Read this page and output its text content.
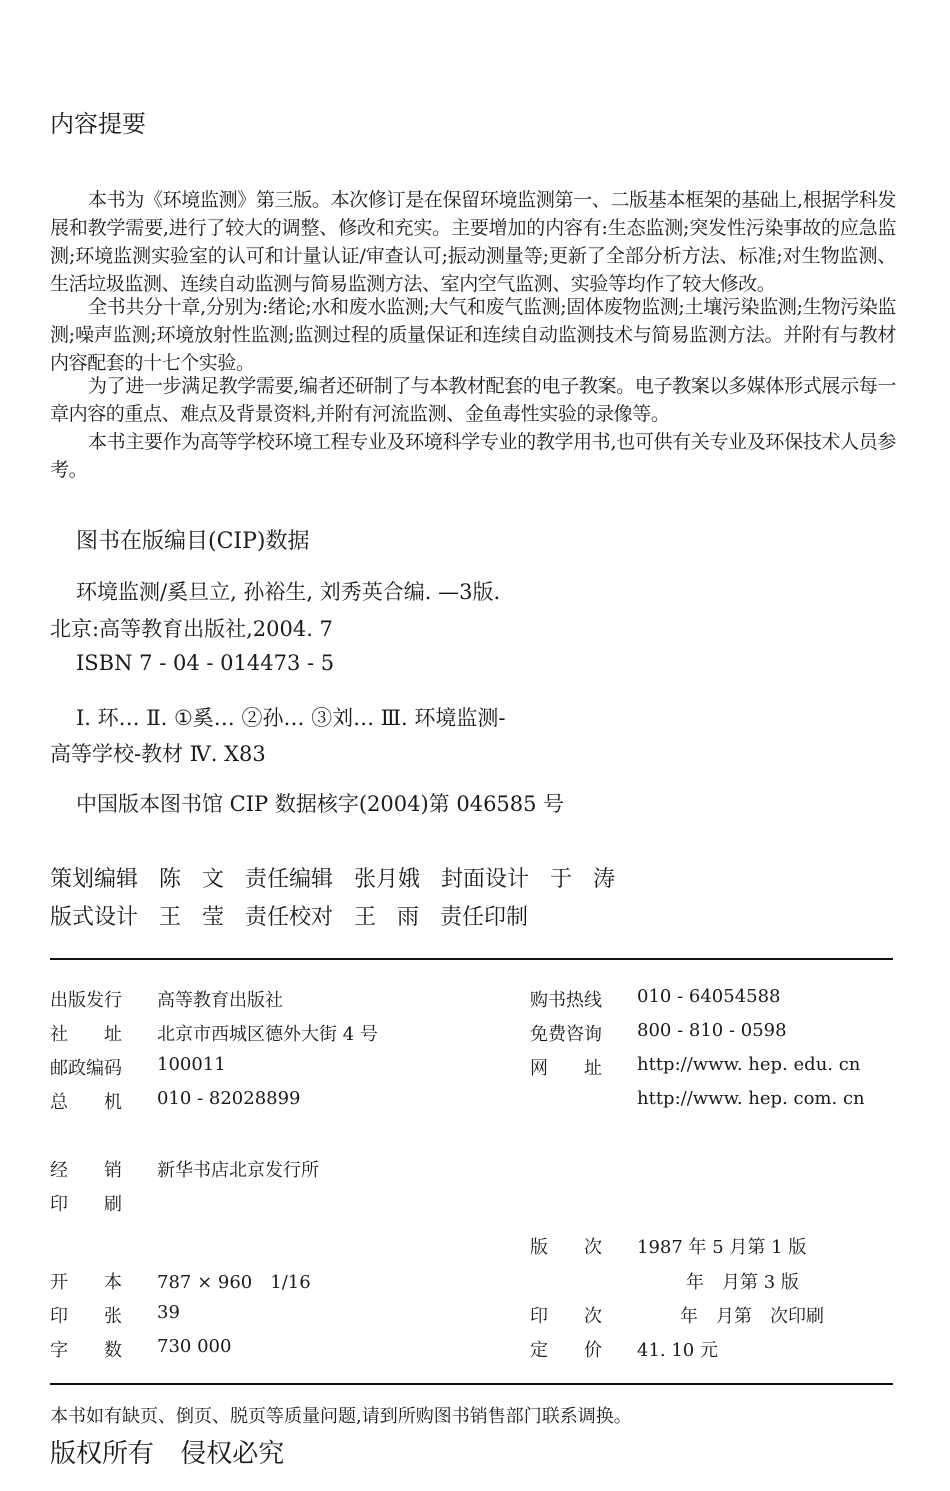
内容提要
本书为《环境监测》第三版。本次修订是在保留环境监测第一、二版基本框架的基础上,根据学科发展和教学需要,进行了较大的调整、修改和充实。主要增加的内容有:生态监测;突发性污染事故的应急监测;环境监测实验室的认可和计量认证/审查认可;振动测量等;更新了全部分析方法、标准;对生物监测、生活垃圾监测、连续自动监测与简易监测方法、室内空气监测、实验等均作了较大修改。
全书共分十章,分别为:绪论;水和废水监测;大气和废气监测;固体废物监测;土壤污染监测;生物污染监测;噪声监测;环境放射性监测;监测过程的质量保证和连续自动监测技术与简易监测方法。并附有与教材内容配套的十七个实验。
为了进一步满足教学需要,编者还研制了与本教材配套的电子教案。电子教案以多媒体形式展示每一章内容的重点、难点及背景资料,并附有河流监测、金鱼毒性实验的录像等。
本书主要作为高等学校环境工程专业及环境科学专业的教学用书,也可供有关专业及环保技术人员参考。
图书在版编目(CIP)数据
环境监测/奚旦立, 孙裕生, 刘秀英合编. —3版.
北京:高等教育出版社,2004. 7
ISBN 7 - 04 - 014473 - 5
Ⅰ. 环… Ⅱ. ①奚… ②孙… ③刘… Ⅲ. 环境监测-
高等学校-教材 Ⅳ. X83
中国版本图书馆 CIP 数据核字(2004)第 046585 号
策划编辑 陈 文 责任编辑 张月娥 封面设计 于 涛
版式设计 王 莹 责任校对 王 雨 责任印制
出版发行 高等教育出版社
社　　址 北京市西城区德外大街 4 号
邮政编码 100011
总　　机 010 - 82028899
经　　销 新华书店北京发行所
印　　刷
开　　本 787 × 960　1/16
印　　张 39
字　　数 730 000
购书热线 010 - 64054588
免费咨询 800 - 810 - 0598
网　　址 http://www. hep. edu. cn
http://www. hep. com. cn
版　　次 1987 年 5 月第 1 版
年　月第 3 版
印　　次	年　月第　次印刷
定　　价 41. 10 元
本书如有缺页、倒页、脱页等质量问题,请到所购图书销售部门联系调换。
版权所有 侵权必究
